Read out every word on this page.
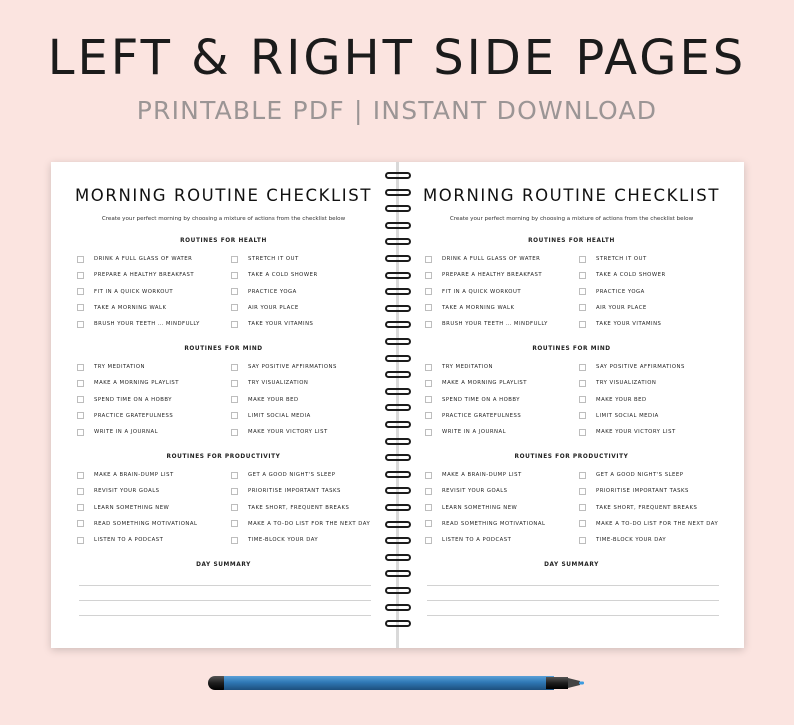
LEFT & RIGHT SIDE PAGES
PRINTABLE PDF | INSTANT DOWNLOAD
MORNING ROUTINE CHECKLIST
Create your perfect morning by choosing a mixture of actions from the checklist below
ROUTINES FOR HEALTH
DRINK A FULL GLASS OF WATER	STRETCH IT OUT
PREPARE A HEALTHY BREAKFAST	TAKE A COLD SHOWER
FIT IN A QUICK WORKOUT	PRACTICE YOGA
TAKE A MORNING WALK	AIR YOUR PLACE
BRUSH YOUR TEETH … MINDFULLY	TAKE YOUR VITAMINS
ROUTINES FOR MIND
TRY MEDITATION	SAY POSITIVE AFFIRMATIONS
MAKE A MORNING PLAYLIST	TRY VISUALIZATION
SPEND TIME ON A HOBBY	MAKE YOUR BED
PRACTICE GRATEFULNESS	LIMIT SOCIAL MEDIA
WRITE IN A JOURNAL	MAKE YOUR VICTORY LIST
ROUTINES FOR PRODUCTIVITY
MAKE A BRAIN-DUMP LIST	GET A GOOD NIGHT'S SLEEP
REVISIT YOUR GOALS	PRIORITISE IMPORTANT TASKS
LEARN SOMETHING NEW	TAKE SHORT, FREQUENT BREAKS
READ SOMETHING MOTIVATIONAL	MAKE A TO-DO LIST FOR THE NEXT DAY
LISTEN TO A PODCAST	TIME-BLOCK YOUR DAY
DAY SUMMARY
MORNING ROUTINE CHECKLIST
Create your perfect morning by choosing a mixture of actions from the checklist below
ROUTINES FOR HEALTH
DRINK A FULL GLASS OF WATER	STRETCH IT OUT
PREPARE A HEALTHY BREAKFAST	TAKE A COLD SHOWER
FIT IN A QUICK WORKOUT	PRACTICE YOGA
TAKE A MORNING WALK	AIR YOUR PLACE
BRUSH YOUR TEETH … MINDFULLY	TAKE YOUR VITAMINS
ROUTINES FOR MIND
TRY MEDITATION	SAY POSITIVE AFFIRMATIONS
MAKE A MORNING PLAYLIST	TRY VISUALIZATION
SPEND TIME ON A HOBBY	MAKE YOUR BED
PRACTICE GRATEFULNESS	LIMIT SOCIAL MEDIA
WRITE IN A JOURNAL	MAKE YOUR VICTORY LIST
ROUTINES FOR PRODUCTIVITY
MAKE A BRAIN-DUMP LIST	GET A GOOD NIGHT'S SLEEP
REVISIT YOUR GOALS	PRIORITISE IMPORTANT TASKS
LEARN SOMETHING NEW	TAKE SHORT, FREQUENT BREAKS
READ SOMETHING MOTIVATIONAL	MAKE A TO-DO LIST FOR THE NEXT DAY
LISTEN TO A PODCAST	TIME-BLOCK YOUR DAY
DAY SUMMARY
